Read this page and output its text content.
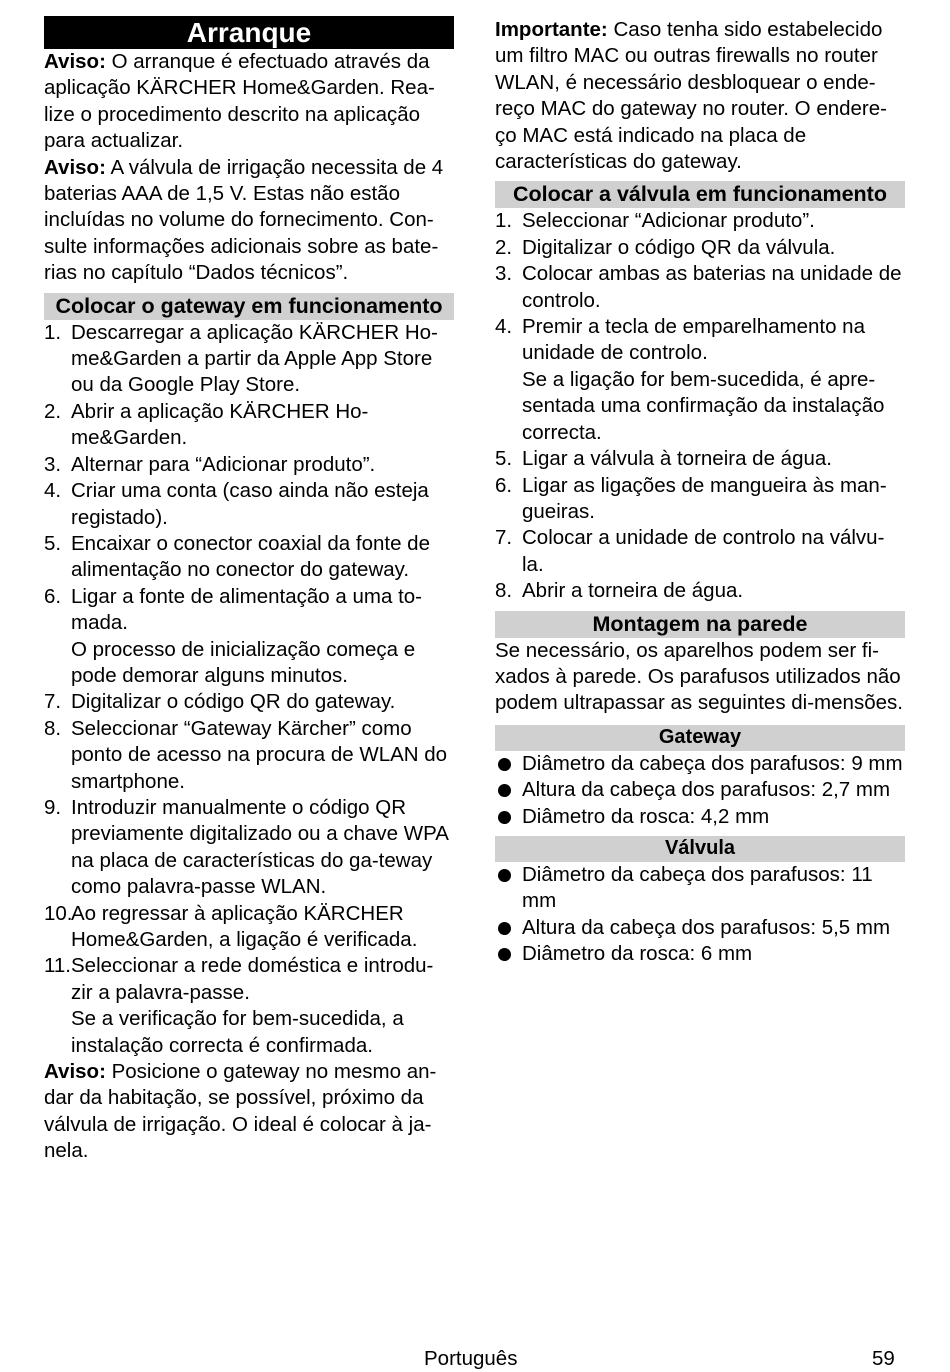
Arranque

Aviso: O arranque é efectuado através da aplicação KÄRCHER Home&Garden. Rea-lize o procedimento descrito na aplicação para actualizar.

Aviso: A válvula de irrigação necessita de 4 baterias AAA de 1,5 V. Estas não estão incluídas no volume do fornecimento. Con-sulte informações adicionais sobre as bate-rias no capítulo “Dados técnicos”.

Colocar o gateway em funcionamento
1. Descarregar a aplicação KÄRCHER Ho-me&Garden a partir da Apple App Store ou da Google Play Store.
2. Abrir a aplicação KÄRCHER Ho-me&Garden.
3. Alternar para “Adicionar produto”.
4. Criar uma conta (caso ainda não esteja registado).
5. Encaixar o conector coaxial da fonte de alimentação no conector do gateway.
6. Ligar a fonte de alimentação a uma to-mada.
O processo de inicialização começa e pode demorar alguns minutos.
7. Digitalizar o código QR do gateway.
8. Seleccionar “Gateway Kärcher” como ponto de acesso na procura de WLAN do smartphone.
9. Introduzir manualmente o código QR previamente digitalizado ou a chave WPA na placa de características do ga-teway como palavra-passe WLAN.
10.
Ao regressar à aplicação KÄRCHER Home&Garden, a ligação é verificada.
11. Seleccionar a rede doméstica e introdu-zir a palavra-passe.
Se a verificação for bem-sucedida, a instalação correcta é confirmada.

Aviso: Posicione o gateway no mesmo an-dar da habitação, se possível, próximo da válvula de irrigação. O ideal é colocar à ja-nela.

Importante: Caso tenha sido estabelecido um filtro MAC ou outras firewalls no router WLAN, é necessário desbloquear o ende-reço MAC do gateway no router. O endere-ço MAC está indicado na placa de características do gateway.

Colocar a válvula em funcionamento
1. Seleccionar “Adicionar produto”.
2. Digitalizar o código QR da válvula.
3. Colocar ambas as baterias na unidade de controlo.
4. Premir a tecla de emparelhamento na unidade de controlo.
Se a ligação for bem-sucedida, é apre-sentada uma confirmação da instalação correcta.
5. Ligar a válvula à torneira de água.
6. Ligar as ligações de mangueira às man-gueiras.
7. Colocar a unidade de controlo na válvu-la.
8. Abrir a torneira de água.
Montagem na parede

Se necessário, os aparelhos podem ser fi-xados à parede. Os parafusos utilizados não podem ultrapassar as seguintes di-mensões.

Gateway
Diâmetro da cabeça dos parafusos: 9 mm
Altura da cabeça dos parafusos: 2,7 mm
Diâmetro da rosca: 4,2 mm
Válvula
Diâmetro da cabeça dos parafusos: 11 mm
Altura da cabeça dos parafusos: 5,5 mm
Diâmetro da rosca: 6 mm
Português	59
